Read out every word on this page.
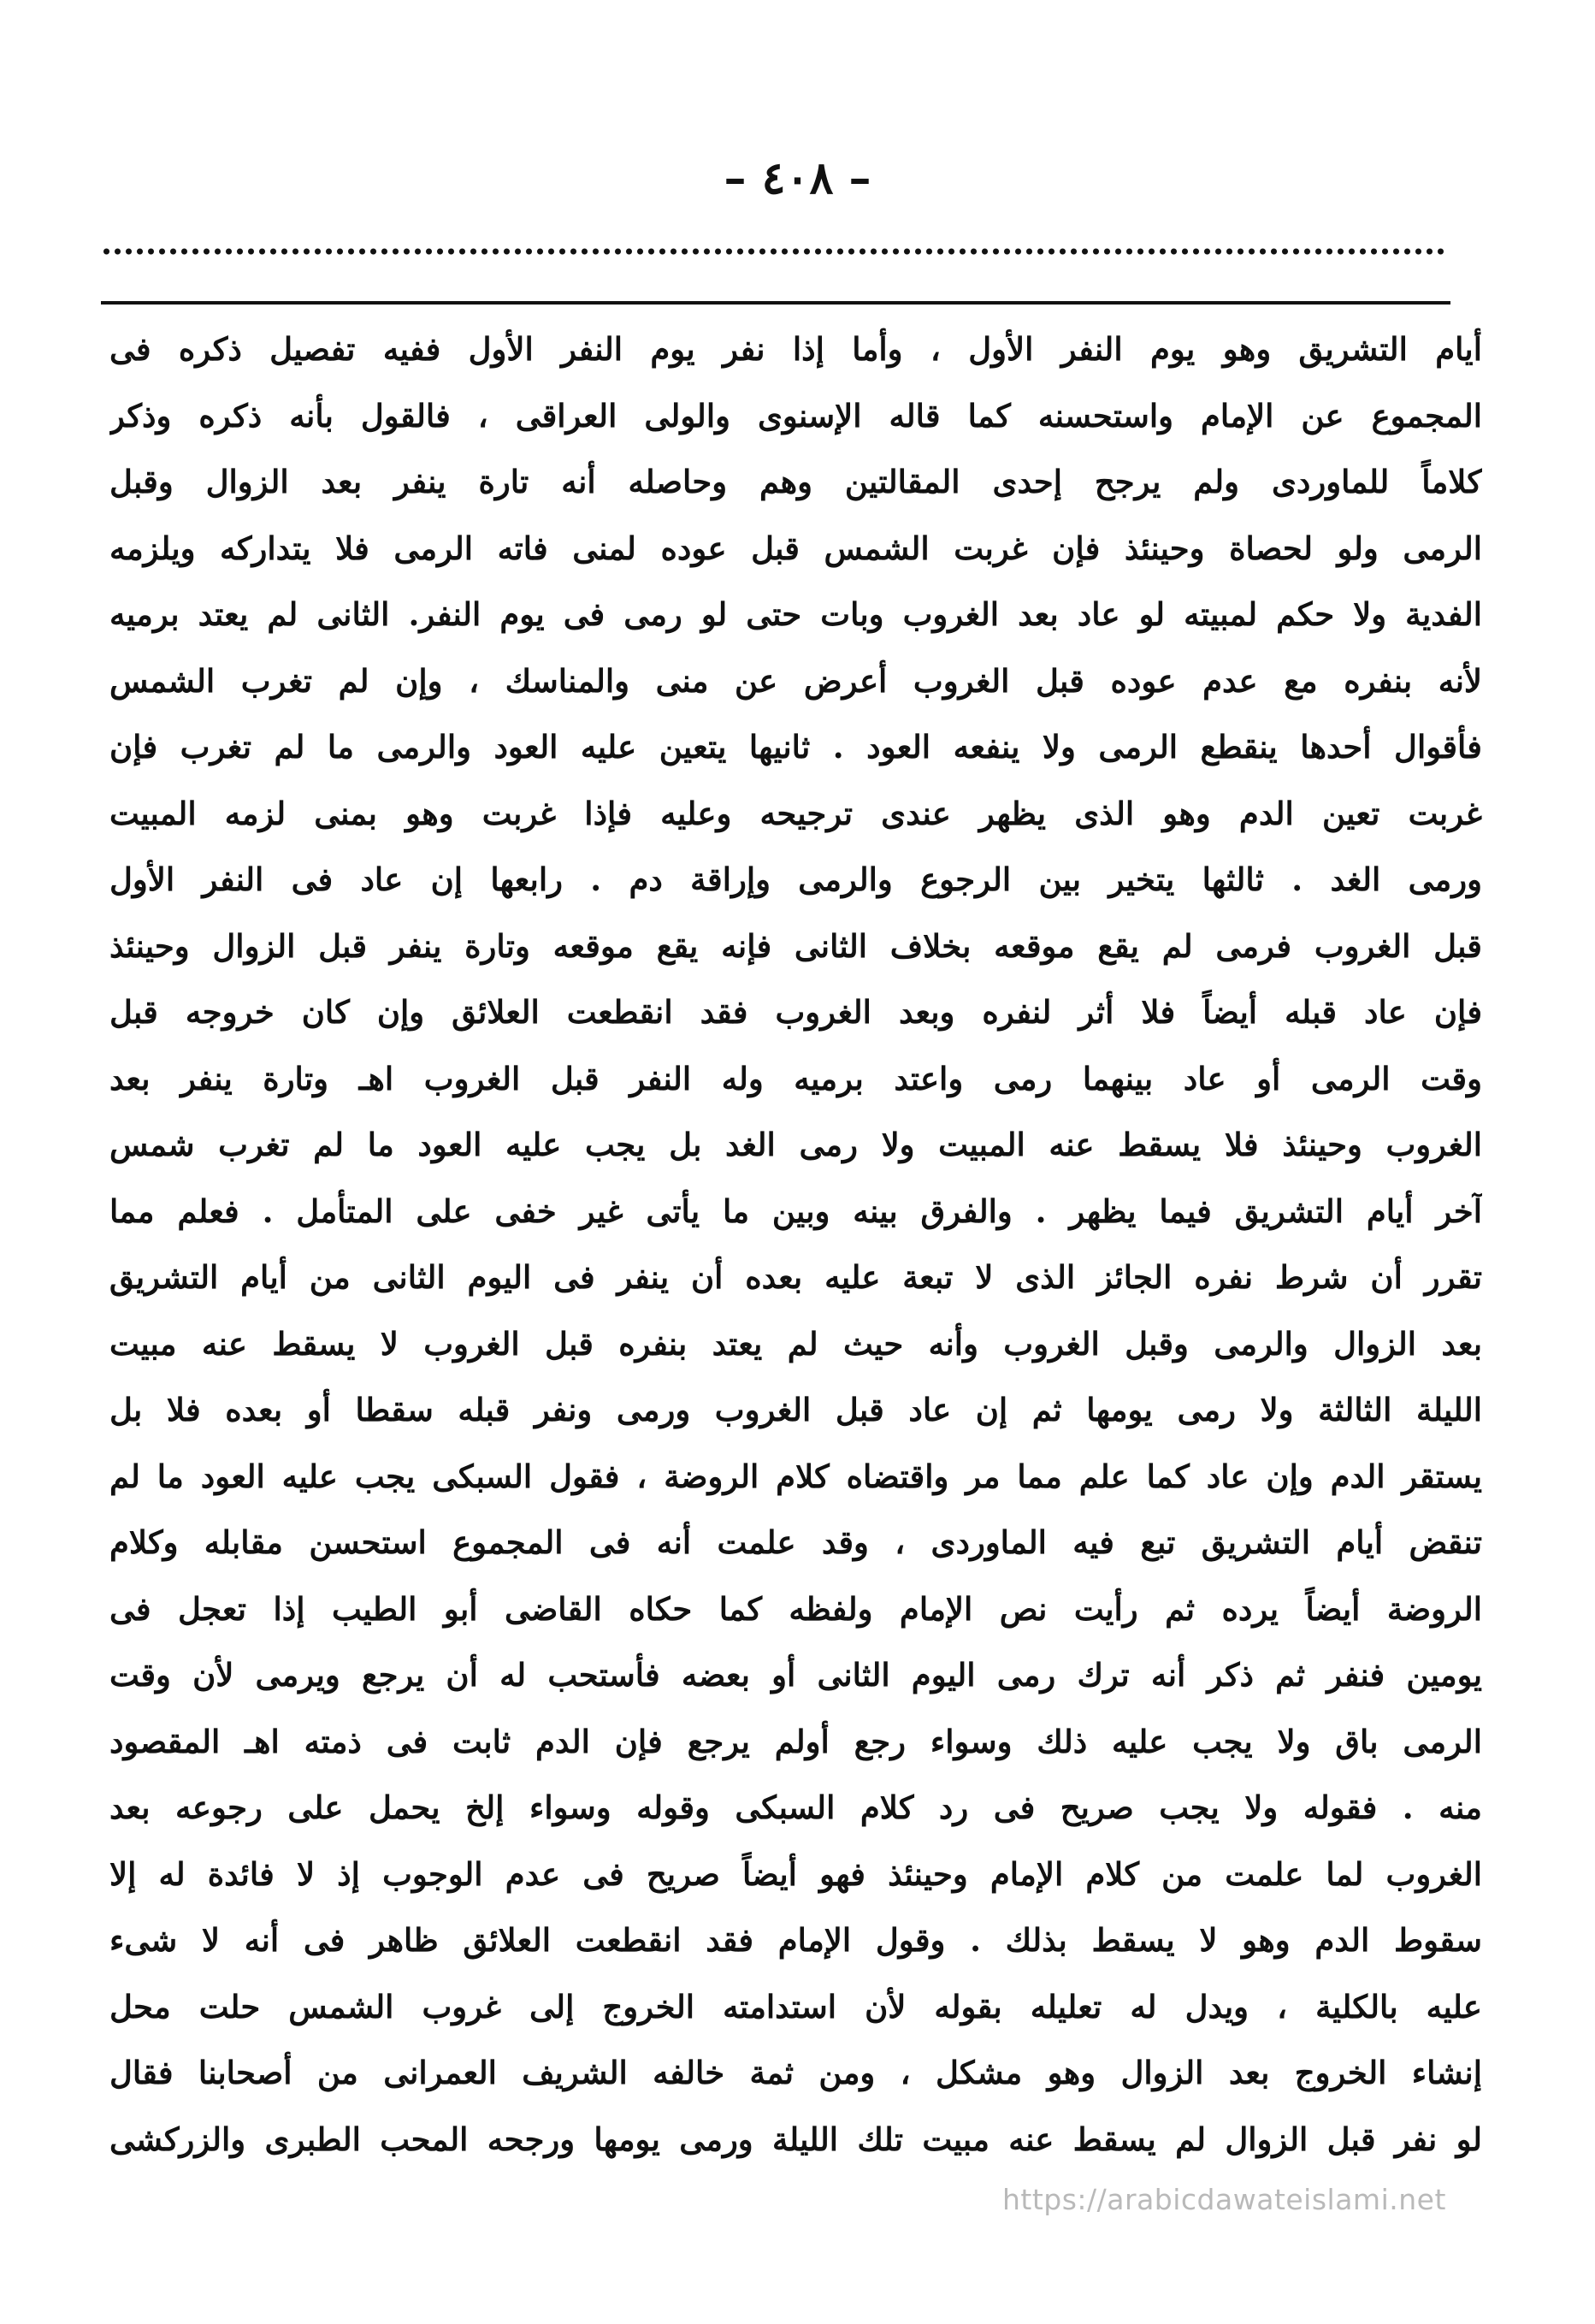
– ٤٠٨ –
أيام التشريق وهو يوم النفر الأول ، وأما إذا نفر يوم النفر الأول ففيه تفصيل ذكره فى
المجموع عن الإمام واستحسنه كما قاله الإسنوى والولى العراقى ، فالقول بأنه ذكره وذكر
كلاماً للماوردى ولم يرجح إحدى المقالتين وهم وحاصله أنه تارة ينفر بعد الزوال وقبل
الرمى ولو لحصاة وحينئذ فإن غربت الشمس قبل عوده لمنى فاته الرمى فلا يتداركه ويلزمه
الفدية ولا حكم لمبيته لو عاد بعد الغروب وبات حتى لو رمى فى يوم النفر. الثانى لم يعتد برميه
لأنه بنفره مع عدم عوده قبل الغروب أعرض عن منى والمناسك ، وإن لم تغرب الشمس
فأقوال أحدها ينقطع الرمى ولا ينفعه العود . ثانيها يتعين عليه العود والرمى ما لم تغرب فإن
غربت تعين الدم وهو الذى يظهر عندى ترجيحه وعليه فإذا غربت وهو بمنى لزمه المبيت
ورمى الغد . ثالثها يتخير بين الرجوع والرمى وإراقة دم . رابعها إن عاد فى النفر الأول
قبل الغروب فرمى لم يقع موقعه بخلاف الثانى فإنه يقع موقعه وتارة ينفر قبل الزوال وحينئذ
فإن عاد قبله أيضاً فلا أثر لنفره وبعد الغروب فقد انقطعت العلائق وإن كان خروجه قبل
وقت الرمى أو عاد بينهما رمى واعتد برميه وله النفر قبل الغروب اهـ وتارة ينفر بعد
الغروب وحينئذ فلا يسقط عنه المبيت ولا رمى الغد بل يجب عليه العود ما لم تغرب شمس
آخر أيام التشريق فيما يظهر . والفرق بينه وبين ما يأتى غير خفى على المتأمل . فعلم مما
تقرر أن شرط نفره الجائز الذى لا تبعة عليه بعده أن ينفر فى اليوم الثانى من أيام التشريق
بعد الزوال والرمى وقبل الغروب وأنه حيث لم يعتد بنفره قبل الغروب لا يسقط عنه مبيت
الليلة الثالثة ولا رمى يومها ثم إن عاد قبل الغروب ورمى ونفر قبله سقطا أو بعده فلا بل
يستقر الدم وإن عاد كما علم مما مر واقتضاه كلام الروضة ، فقول السبكى يجب عليه العود ما لم
تنقض أيام التشريق تبع فيه الماوردى ، وقد علمت أنه فى المجموع استحسن مقابله وكلام
الروضة أيضاً يرده ثم رأيت نص الإمام ولفظه كما حكاه القاضى أبو الطيب إذا تعجل فى
يومين فنفر ثم ذكر أنه ترك رمى اليوم الثانى أو بعضه فأستحب له أن يرجع ويرمى لأن وقت
الرمى باق ولا يجب عليه ذلك وسواء رجع أولم يرجع فإن الدم ثابت فى ذمته اهـ المقصود
منه . فقوله ولا يجب صريح فى رد كلام السبكى وقوله وسواء إلخ يحمل على رجوعه بعد
الغروب لما علمت من كلام الإمام وحينئذ فهو أيضاً صريح فى عدم الوجوب إذ لا فائدة له إلا
سقوط الدم وهو لا يسقط بذلك . وقول الإمام فقد انقطعت العلائق ظاهر فى أنه لا شىء
عليه بالكلية ، ويدل له تعليله بقوله لأن استدامته الخروج إلى غروب الشمس حلت محل
إنشاء الخروج بعد الزوال وهو مشكل ، ومن ثمة خالفه الشريف العمرانى من أصحابنا فقال
لو نفر قبل الزوال لم يسقط عنه مبيت تلك الليلة ورمى يومها ورجحه المحب الطبرى والزركشى
https://arabicdawateislami.net
